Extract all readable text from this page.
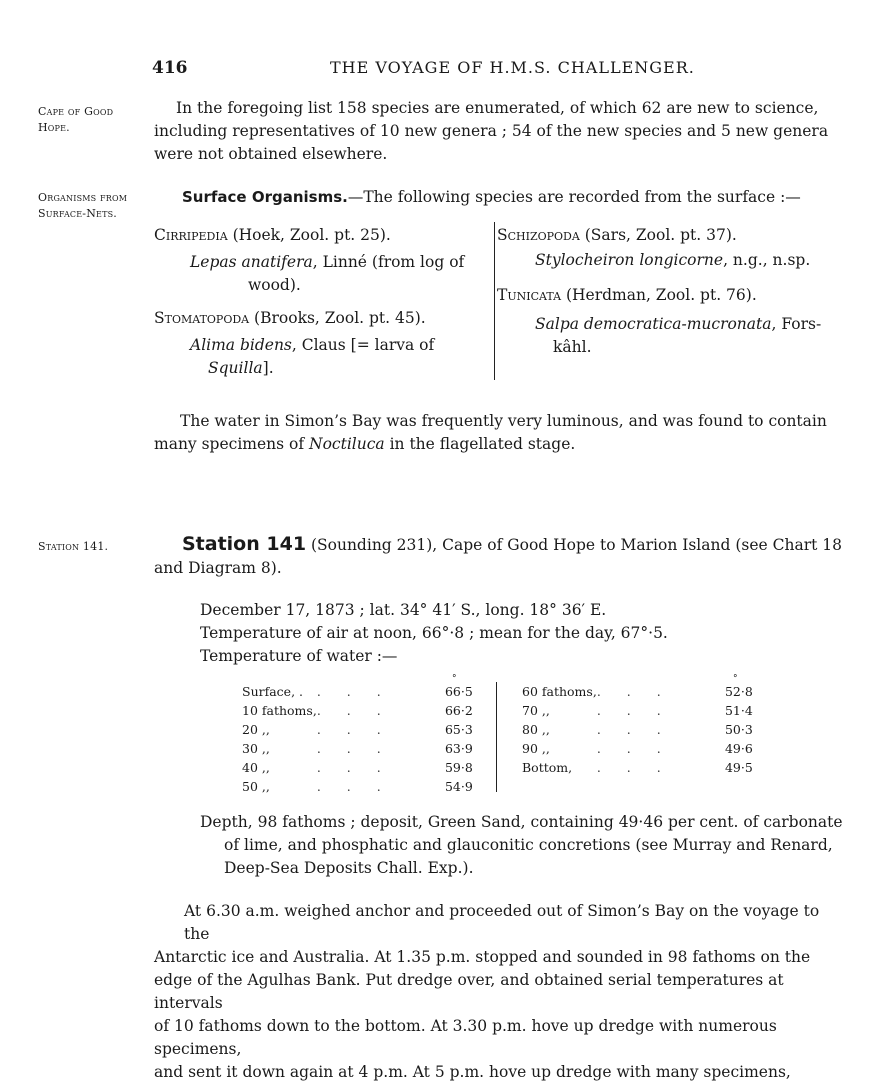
416	THE VOYAGE OF H.M.S. CHALLENGER.
Cape of Good
Hope.
Organisms from
Surface-Nets.
Station 141.
In the foregoing list 158 species are enumerated, of which 62 are new to science,
including representatives of 10 new genera ; 54 of the new species and 5 new genera
were not obtained elsewhere.
Surface Organisms.—The following species are recorded from the surface :—
Cirripedia (Hoek, Zool. pt. 25).
Lepas anatifera, Linné (from log of
wood).
Stomatopoda (Brooks, Zool. pt. 45).
Alima bidens, Claus [= larva of
Squilla].
Schizopoda (Sars, Zool. pt. 37).
Stylocheiron longicorne, n.g., n.sp.
Tunicata (Herdman, Zool. pt. 76).
Salpa democratica-mucronata, Fors-
kâhl.
The water in Simon’s Bay was frequently very luminous, and was found to contain
many specimens of Noctiluca in the flagellated stage.
Station 141 (Sounding 231), Cape of Good Hope to Marion Island (see Chart 18
and Diagram 8).
December 17, 1873 ; lat. 34° 41′ S., long. 18° 36′ E.
Temperature of air at noon, 66°·8 ; mean for the day, 67°·5.
Temperature of water :—
°	°
Surface, .	...	66·5
10 fathoms,	...	66·2
20 ,,	...	65·3
30 ,,	...	63·9
40 ,,	...	59·8
50 ,,	...	54·9
60 fathoms,	...	52·8
70 ,,	...	51·4
80 ,,	...	50·3
90 ,,	...	49·6
Bottom,	...	49·5
Depth, 98 fathoms ; deposit, Green Sand, containing 49·46 per cent. of carbonate
of lime, and phosphatic and glauconitic concretions (see Murray and Renard,
Deep-Sea Deposits Chall. Exp.).
At 6.30 a.m. weighed anchor and proceeded out of Simon’s Bay on the voyage to the
Antarctic ice and Australia. At 1.35 p.m. stopped and sounded in 98 fathoms on the
edge of the Agulhas Bank. Put dredge over, and obtained serial temperatures at intervals
of 10 fathoms down to the bottom. At 3.30 p.m. hove up dredge with numerous specimens,
and sent it down again at 4 p.m. At 5 p.m. hove up dredge with many specimens,
